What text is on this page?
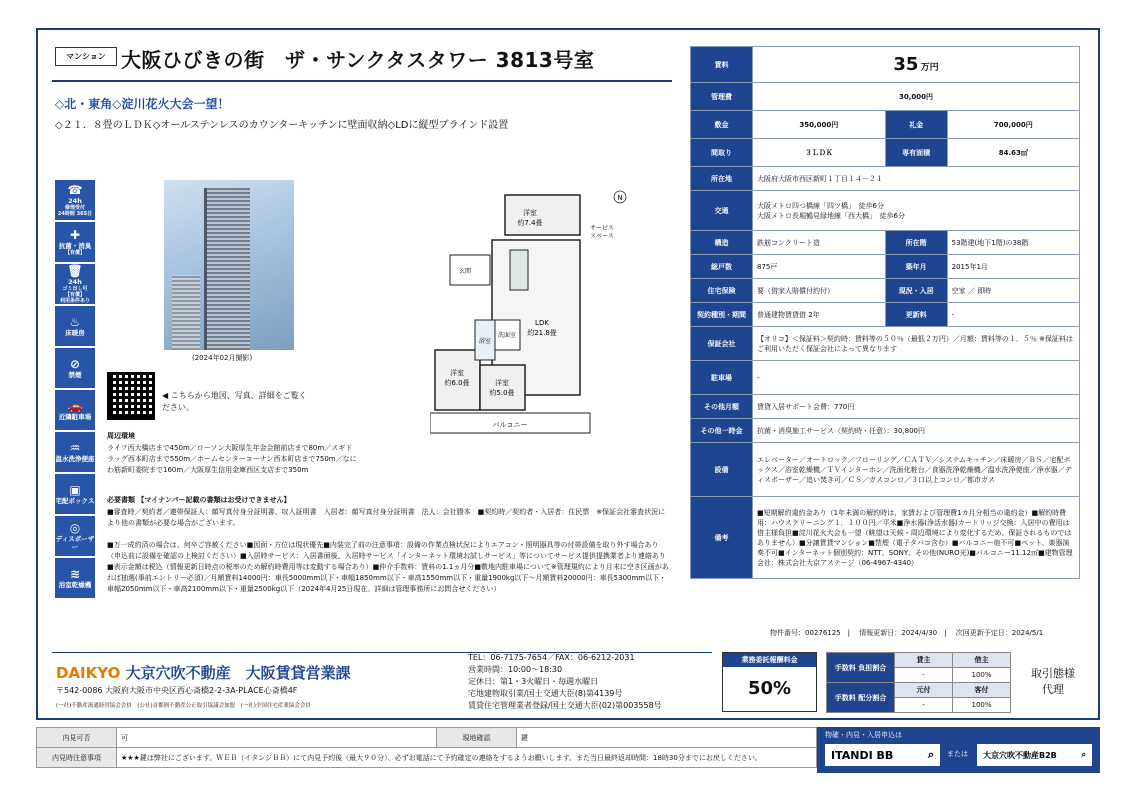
マンション 大阪ひびきの街　ザ・サンクタスタワー 3813号室
◇北・東角◇淀川花火大会一望！
◇２１．８畳のＬＤＫ◇オールステンレスのカウンターキッチンに壁面収納◇LDに縦型ブラインド設置
☎
24h
修理受付
24時間 365日
✚
抗菌・消臭
【有償】
🗑
24h
ゴミ出し可
【有償】
利用条件あり
♨
床暖房
⊘
禁煙
🚗
近隣駐車場
♒
温水洗浄便座
▣
宅配ボックス
◎
ディスポーザー
≋
浴室乾燥機
(2024年02月撮影)
◀ こちらから地図、写真、詳細をご覧ください。
洋室
約7.4畳
LDK
約21.8畳
洋室
約6.0畳	洋室
約5.0畳
バルコニー
玄関
浴室
洗面室
サービス
スペース
N
周辺環境
ライフ西大橋店まで450m／ローソン大阪厚生年金会館前店まで80m／スギドラッグ西本町店まで550m／ホームセンターコーナン西本町店まで750m／なにわ筋新町委院まで160m／大阪厚生信用金庫西区支店まで350m
必要書類 【マイナンバー記載の書類はお受けできません】
■審査時／契約者／連帯保証人：顔写真付身分証明書、収入証明書　入居者：顔写真付身分証明書　法人：会社謄本　■契約時／契約者・入居者：住民票　※保証会社審査状況により他の書類が必要な場合がございます。
■万一成約済の場合は、何卒ご容赦ください■図面・方位は現状優先■内装完了前の注意事項：設備の作業点検状況によりエアコン・照明器具等の付帯設備を取り外す場合あり（申込前に設備を確認の上検討ください）■入居時サービス：入居書面後、入居時サービス「インターネット環境お試しサービス」等についてサービス提供提携業者より連絡あり■表示金額は税込（情報更新日時点の税率のため解約時費用等は変動する場合あり）■仲介手数料：賃料の1.1ヵ月分■敷地内駐車場について※管理規約により月末に空き区画があれば抽選(事前エントリー必須)／月額賃料14000円：車長5000mm以下・車幅1850mm以下・車高1550mm以下・重量1900kg以下～月額賃料20000円：車長5300mm以下・車幅2050mm以下・車高2100mm以下・重量2500kg以下（2024年4月25日現在。詳細は管理事務所にお問合せください）
賃料	35 万円		
管理費	30,000円		
敷金	350,000円	礼金	700,000円
間取り	３ＬＤＫ	専有面積	84.63㎡
所在地	大阪府大阪市西区新町１丁目１４－２１		
交通	大阪メトロ四つ橋線「四ツ橋」　徒歩6分
大阪メトロ長堀鶴見緑地線「西大橋」　徒歩6分		

構造	鉄筋コンクリート造	所在階	53階建(地下1階)の38階
総戸数	875戸	築年月	2015年1月
住宅保険	要（借家人賠償付約付）	現況・入居	空家 ／ 即時
契約種別・期間	普通建物賃貸借 2年	更新料	-
保証会社	【オリコ】＜保証料＞契約時：賃料等の５０％（最低２万円）／月額：賃料等の１．５％ ※保証料はご利用いただく保証会社によって異なります		
駐車場	-		
その他月額	賃貸入居サポート会費：770円		
その他一時金	抗菌・消臭施工サービス（契約時・任意）：30,800円		
設備	エレベーター／オートロック／フローリング／ＣＡＴＶ／システムキッチン／床暖房／ＢＳ／宅配ボックス／浴室乾燥機／ＴＶインターホン／洗面化粧台／食器洗浄乾燥機／温水洗浄便座／浄水器／ディスポーザー／追い焚き可／ＣＳ／ガスコンロ／３口以上コンロ／都市ガス		
備考	■短期解約違約金あり（1年未満の解約時は、家賃および管理費1カ月分相当の違約金）■解約時費用：ハウスクリーニング１．１００円／平米■浄水器(浄活水器)カートリッジ交換：入居中の費用は借主様負担■淀川花火大会も一望（眺望は天候・周辺環境により変化するため、保証されるものではありません）■分譲賃貸マンション■禁煙（電子タバコ含む）■バルコニー他不可■ペット、楽器演奏不可■インターネット個別契約：NTT、SONY、その他(NURO光)■バルコニー11.12㎡■建物管理会社：株式会社大京アステージ（06-4967-4340）		
物件番号：00276125　|　 情報更新日：2024/4/30　|　 次回更新予定日：2024/5/1
DAIKYO 大京穴吹不動産　大阪賃貸営業課
〒542-0086 大阪府大阪市中央区西心斎橋2-2-3A-PLACE心斎橋4F
(一社)不動産流通経営協会会員　(公社)首都圏不動産公正取引協議会加盟　(一社)全国住宅産業協会会員
TEL：06-7175-7654／FAX：06-6212-2031
営業時間：10:00～18:30
定休日：第1・3火曜日・毎週水曜日
宅地建物取引業/国土交通大臣(8)第4139号
賃貸住宅管理業者登録/国土交通大臣(02)第003558号
業務委託報酬料金
50%
手数料 負担割合	貸主	借主
	-	100%
手数料 配分割合	元付	客付
	-	100%
取引態様
代理
内見可否	可	現地確認	鍵
内見時注意事項	★★★鍵は弊社にございます。ＷＥＢ（イタンジＢＢ）にて内見予約後（最大９０分）、必ずお電話にて予約確定の連絡をするようお願いします。また当日最終返却時間：18時30分までにお戻しください。		
物確・内見・入居申込は
ITANDI BB	⌕ または 大京穴吹不動産B2B	⌕
